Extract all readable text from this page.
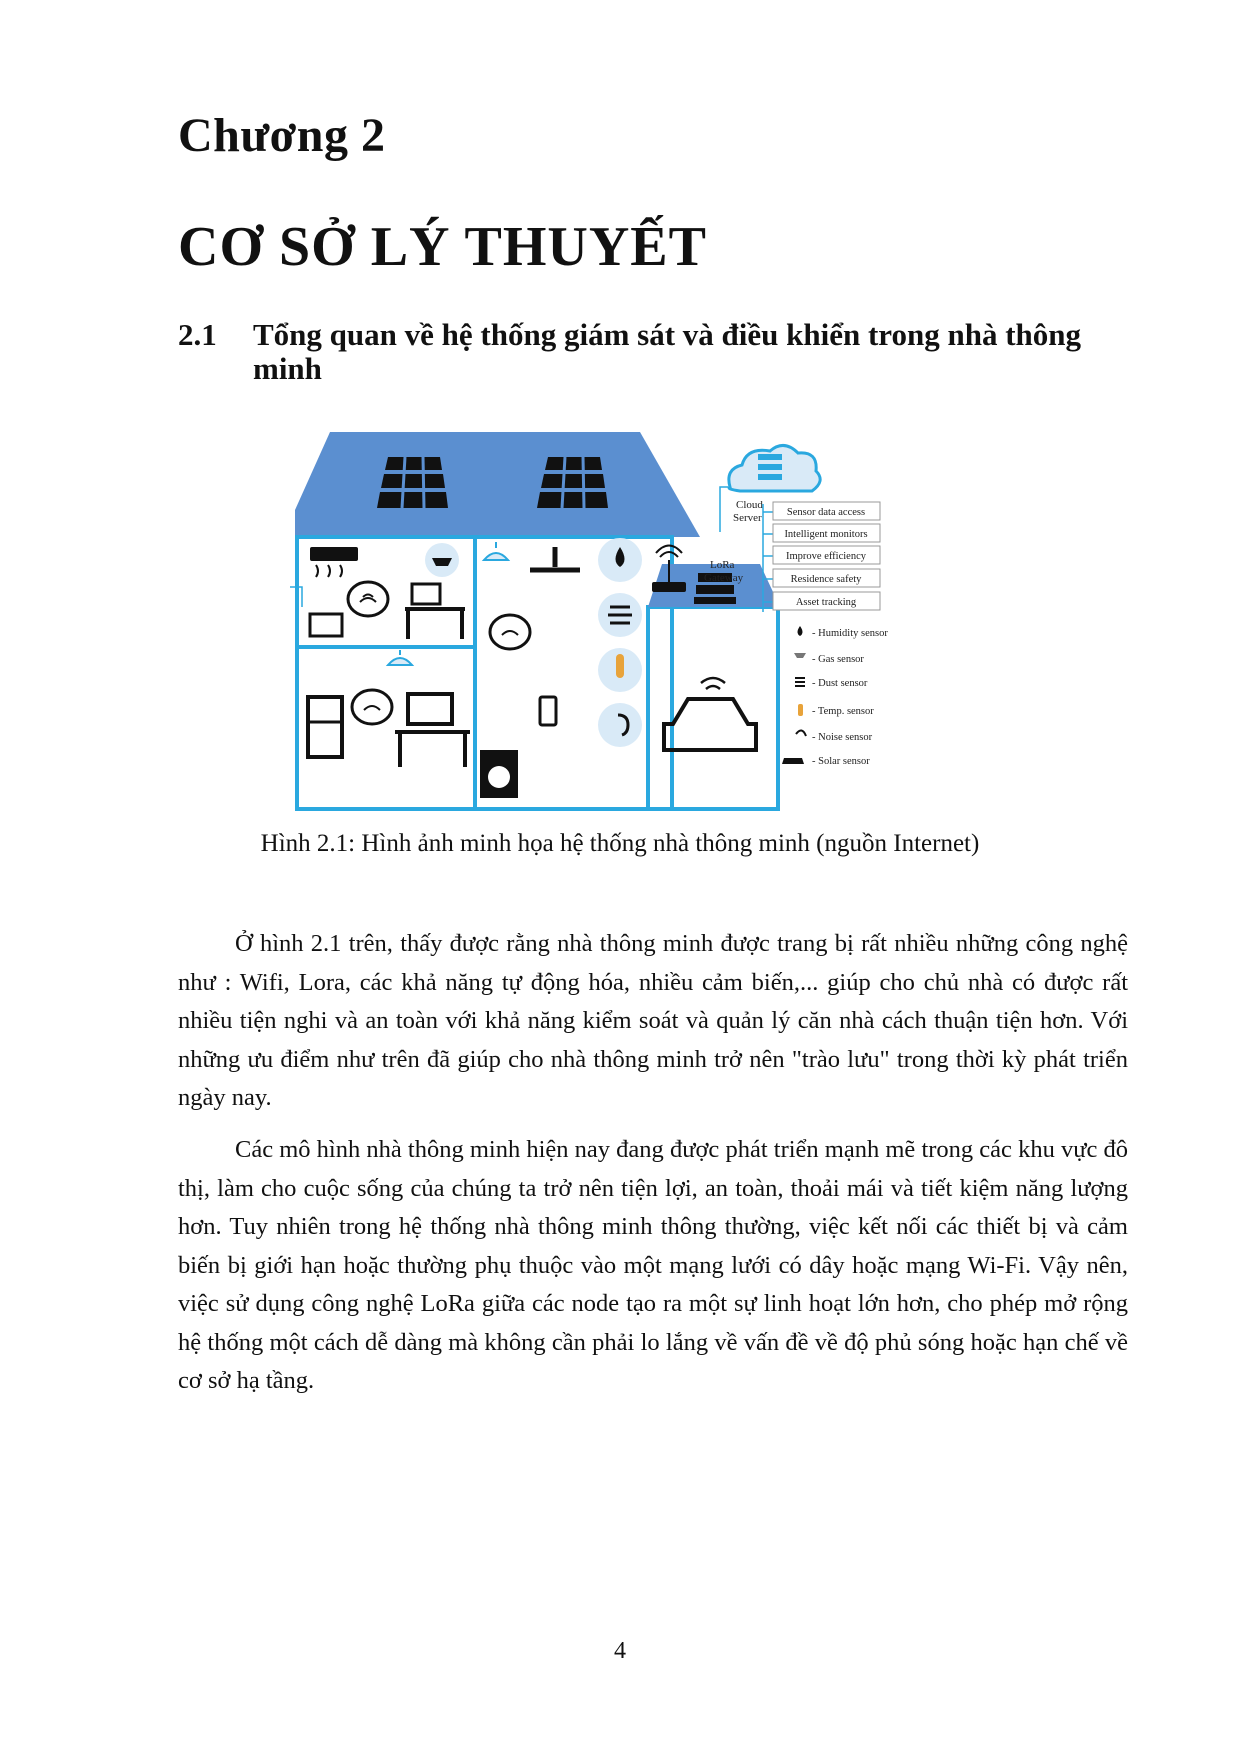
Chương 2
CƠ SỞ LÝ THUYẾT
2.1 Tổng quan về hệ thống giám sát và điều khiển trong nhà thông minh
LoRa
Gateway
Cloud
Server Sensor data access
Intelligent monitors
Improve efficiency
Residence safety
Asset tracking
- Humidity sensor
- Gas sensor
- Dust sensor
- Temp. sensor
- Noise sensor
- Solar sensor

Hình 2.1: Hình ảnh minh họa hệ thống nhà thông minh (nguồn Internet)

Ở hình 2.1 trên, thấy được rằng nhà thông minh được trang bị rất nhiều những công nghệ như : Wifi, Lora, các khả năng tự động hóa, nhiều cảm biến,... giúp cho chủ nhà có được rất nhiều tiện nghi và an toàn với khả năng kiểm soát và quản lý căn nhà cách thuận tiện hơn. Với những ưu điểm như trên đã giúp cho nhà thông minh trở nên "trào lưu" trong thời kỳ phát triển ngày nay.

Các mô hình nhà thông minh hiện nay đang được phát triển mạnh mẽ trong các khu vực đô thị, làm cho cuộc sống của chúng ta trở nên tiện lợi, an toàn, thoải mái và tiết kiệm năng lượng hơn. Tuy nhiên trong hệ thống nhà thông minh thông thường, việc kết nối các thiết bị và cảm biến bị giới hạn hoặc thường phụ thuộc vào một mạng lưới có dây hoặc mạng Wi-Fi. Vậy nên, việc sử dụng công nghệ LoRa giữa các node tạo ra một sự linh hoạt lớn hơn, cho phép mở rộng hệ thống một cách dễ dàng mà không cần phải lo lắng về vấn đề về độ phủ sóng hoặc hạn chế về cơ sở hạ tầng.

4
